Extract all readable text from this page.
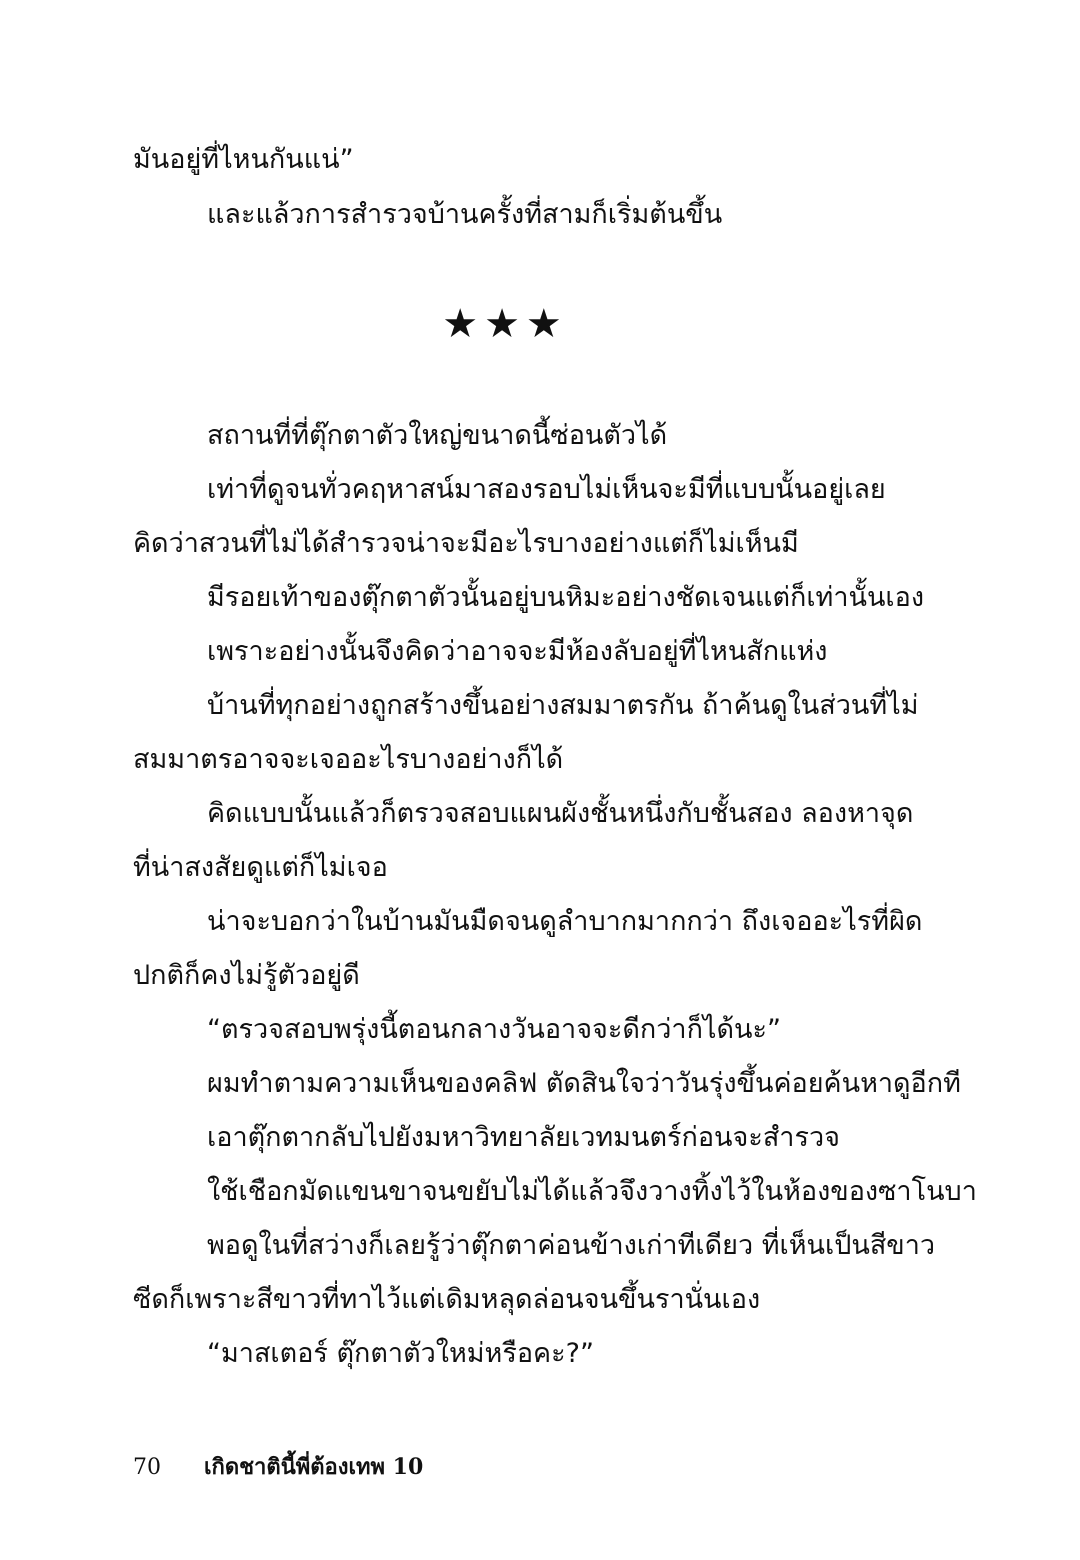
มันอยู่ที่ไหนกันแน่”
และแล้วการสำรวจบ้านครั้งที่สามก็เริ่มต้นขึ้น
★★★
สถานที่ที่ตุ๊กตาตัวใหญ่ขนาดนี้ซ่อนตัวได้
เท่าที่ดูจนทั่วคฤหาสน์มาสองรอบไม่เห็นจะมีที่แบบนั้นอยู่เลย
คิดว่าสวนที่ไม่ได้สำรวจน่าจะมีอะไรบางอย่างแต่ก็ไม่เห็นมี
มีรอยเท้าของตุ๊กตาตัวนั้นอยู่บนหิมะอย่างชัดเจนแต่ก็เท่านั้นเอง
เพราะอย่างนั้นจึงคิดว่าอาจจะมีห้องลับอยู่ที่ไหนสักแห่ง
บ้านที่ทุกอย่างถูกสร้างขึ้นอย่างสมมาตรกัน ถ้าค้นดูในส่วนที่ไม่
สมมาตรอาจจะเจออะไรบางอย่างก็ได้
คิดแบบนั้นแล้วก็ตรวจสอบแผนผังชั้นหนึ่งกับชั้นสอง ลองหาจุด
ที่น่าสงสัยดูแต่ก็ไม่เจอ
น่าจะบอกว่าในบ้านมันมืดจนดูลำบากมากกว่า ถึงเจออะไรที่ผิด
ปกติก็คงไม่รู้ตัวอยู่ดี
“ตรวจสอบพรุ่งนี้ตอนกลางวันอาจจะดีกว่าก็ได้นะ”
ผมทำตามความเห็นของคลิฟ ตัดสินใจว่าวันรุ่งขึ้นค่อยค้นหาดูอีกที
เอาตุ๊กตากลับไปยังมหาวิทยาลัยเวทมนตร์ก่อนจะสำรวจ
ใช้เชือกมัดแขนขาจนขยับไม่ได้แล้วจึงวางทิ้งไว้ในห้องของซาโนบา
พอดูในที่สว่างก็เลยรู้ว่าตุ๊กตาค่อนข้างเก่าทีเดียว ที่เห็นเป็นสีขาว
ซีดก็เพราะสีขาวที่ทาไว้แต่เดิมหลุดล่อนจนขึ้นรานั่นเอง
“มาสเตอร์ ตุ๊กตาตัวใหม่หรือคะ?”
70 เกิดชาตินี้พี่ต้องเทพ 10
